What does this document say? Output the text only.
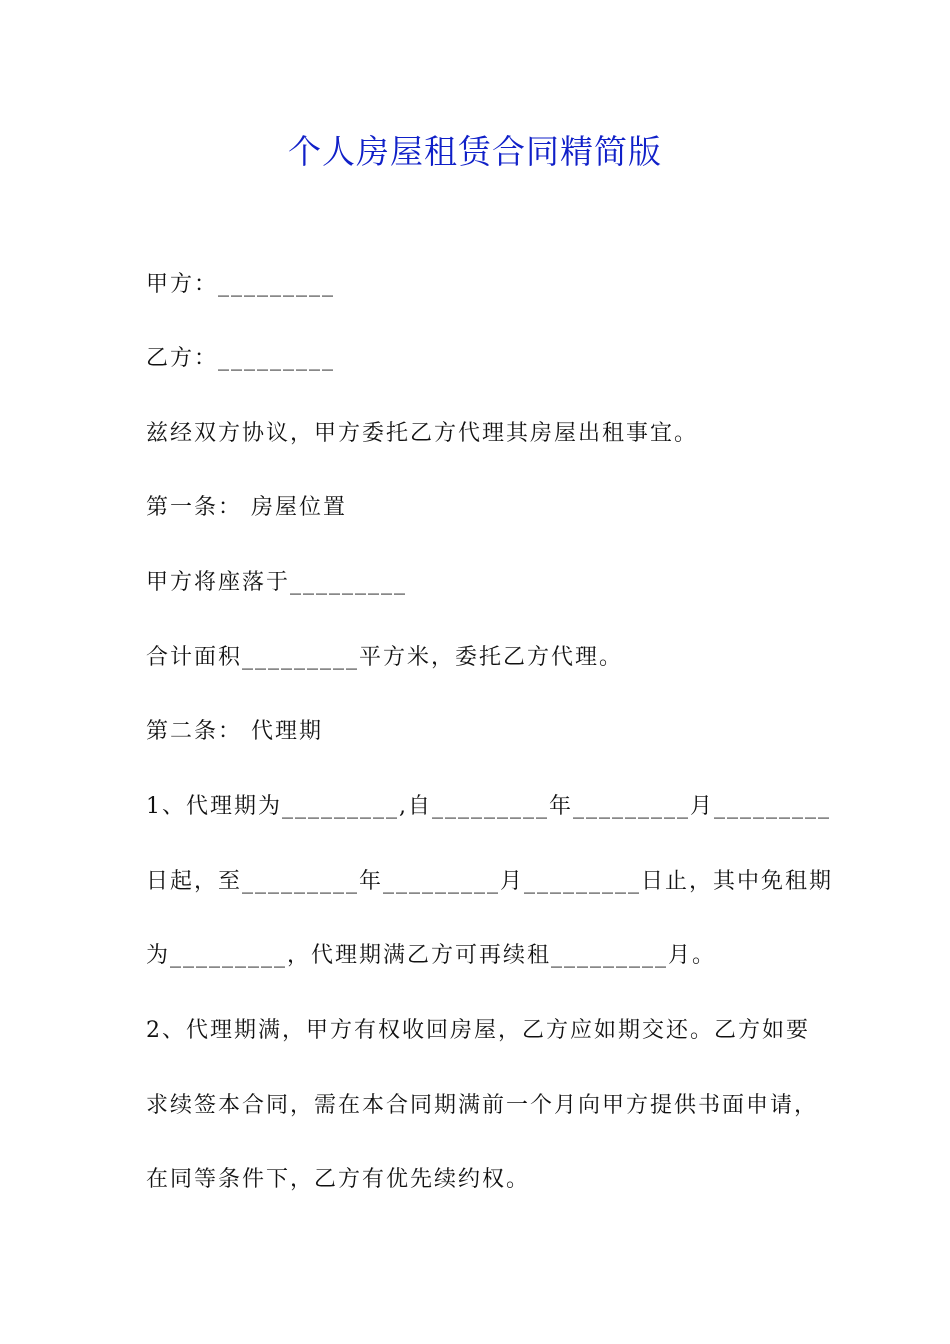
个人房屋租赁合同精简版

甲方：_________

乙方：_________

兹经双方协议，甲方委托乙方代理其房屋出租事宜。

第一条： 房屋位置

甲方将座落于_________

合计面积_________平方米，委托乙方代理。

第二条： 代理期

1、代理期为_________,自_________年_________月_________

日起，至_________年_________月_________日止，其中免租期

为_________，代理期满乙方可再续租_________月。

2、代理期满，甲方有权收回房屋，乙方应如期交还。乙方如要

求续签本合同，需在本合同期满前一个月向甲方提供书面申请，

在同等条件下，乙方有优先续约权。
